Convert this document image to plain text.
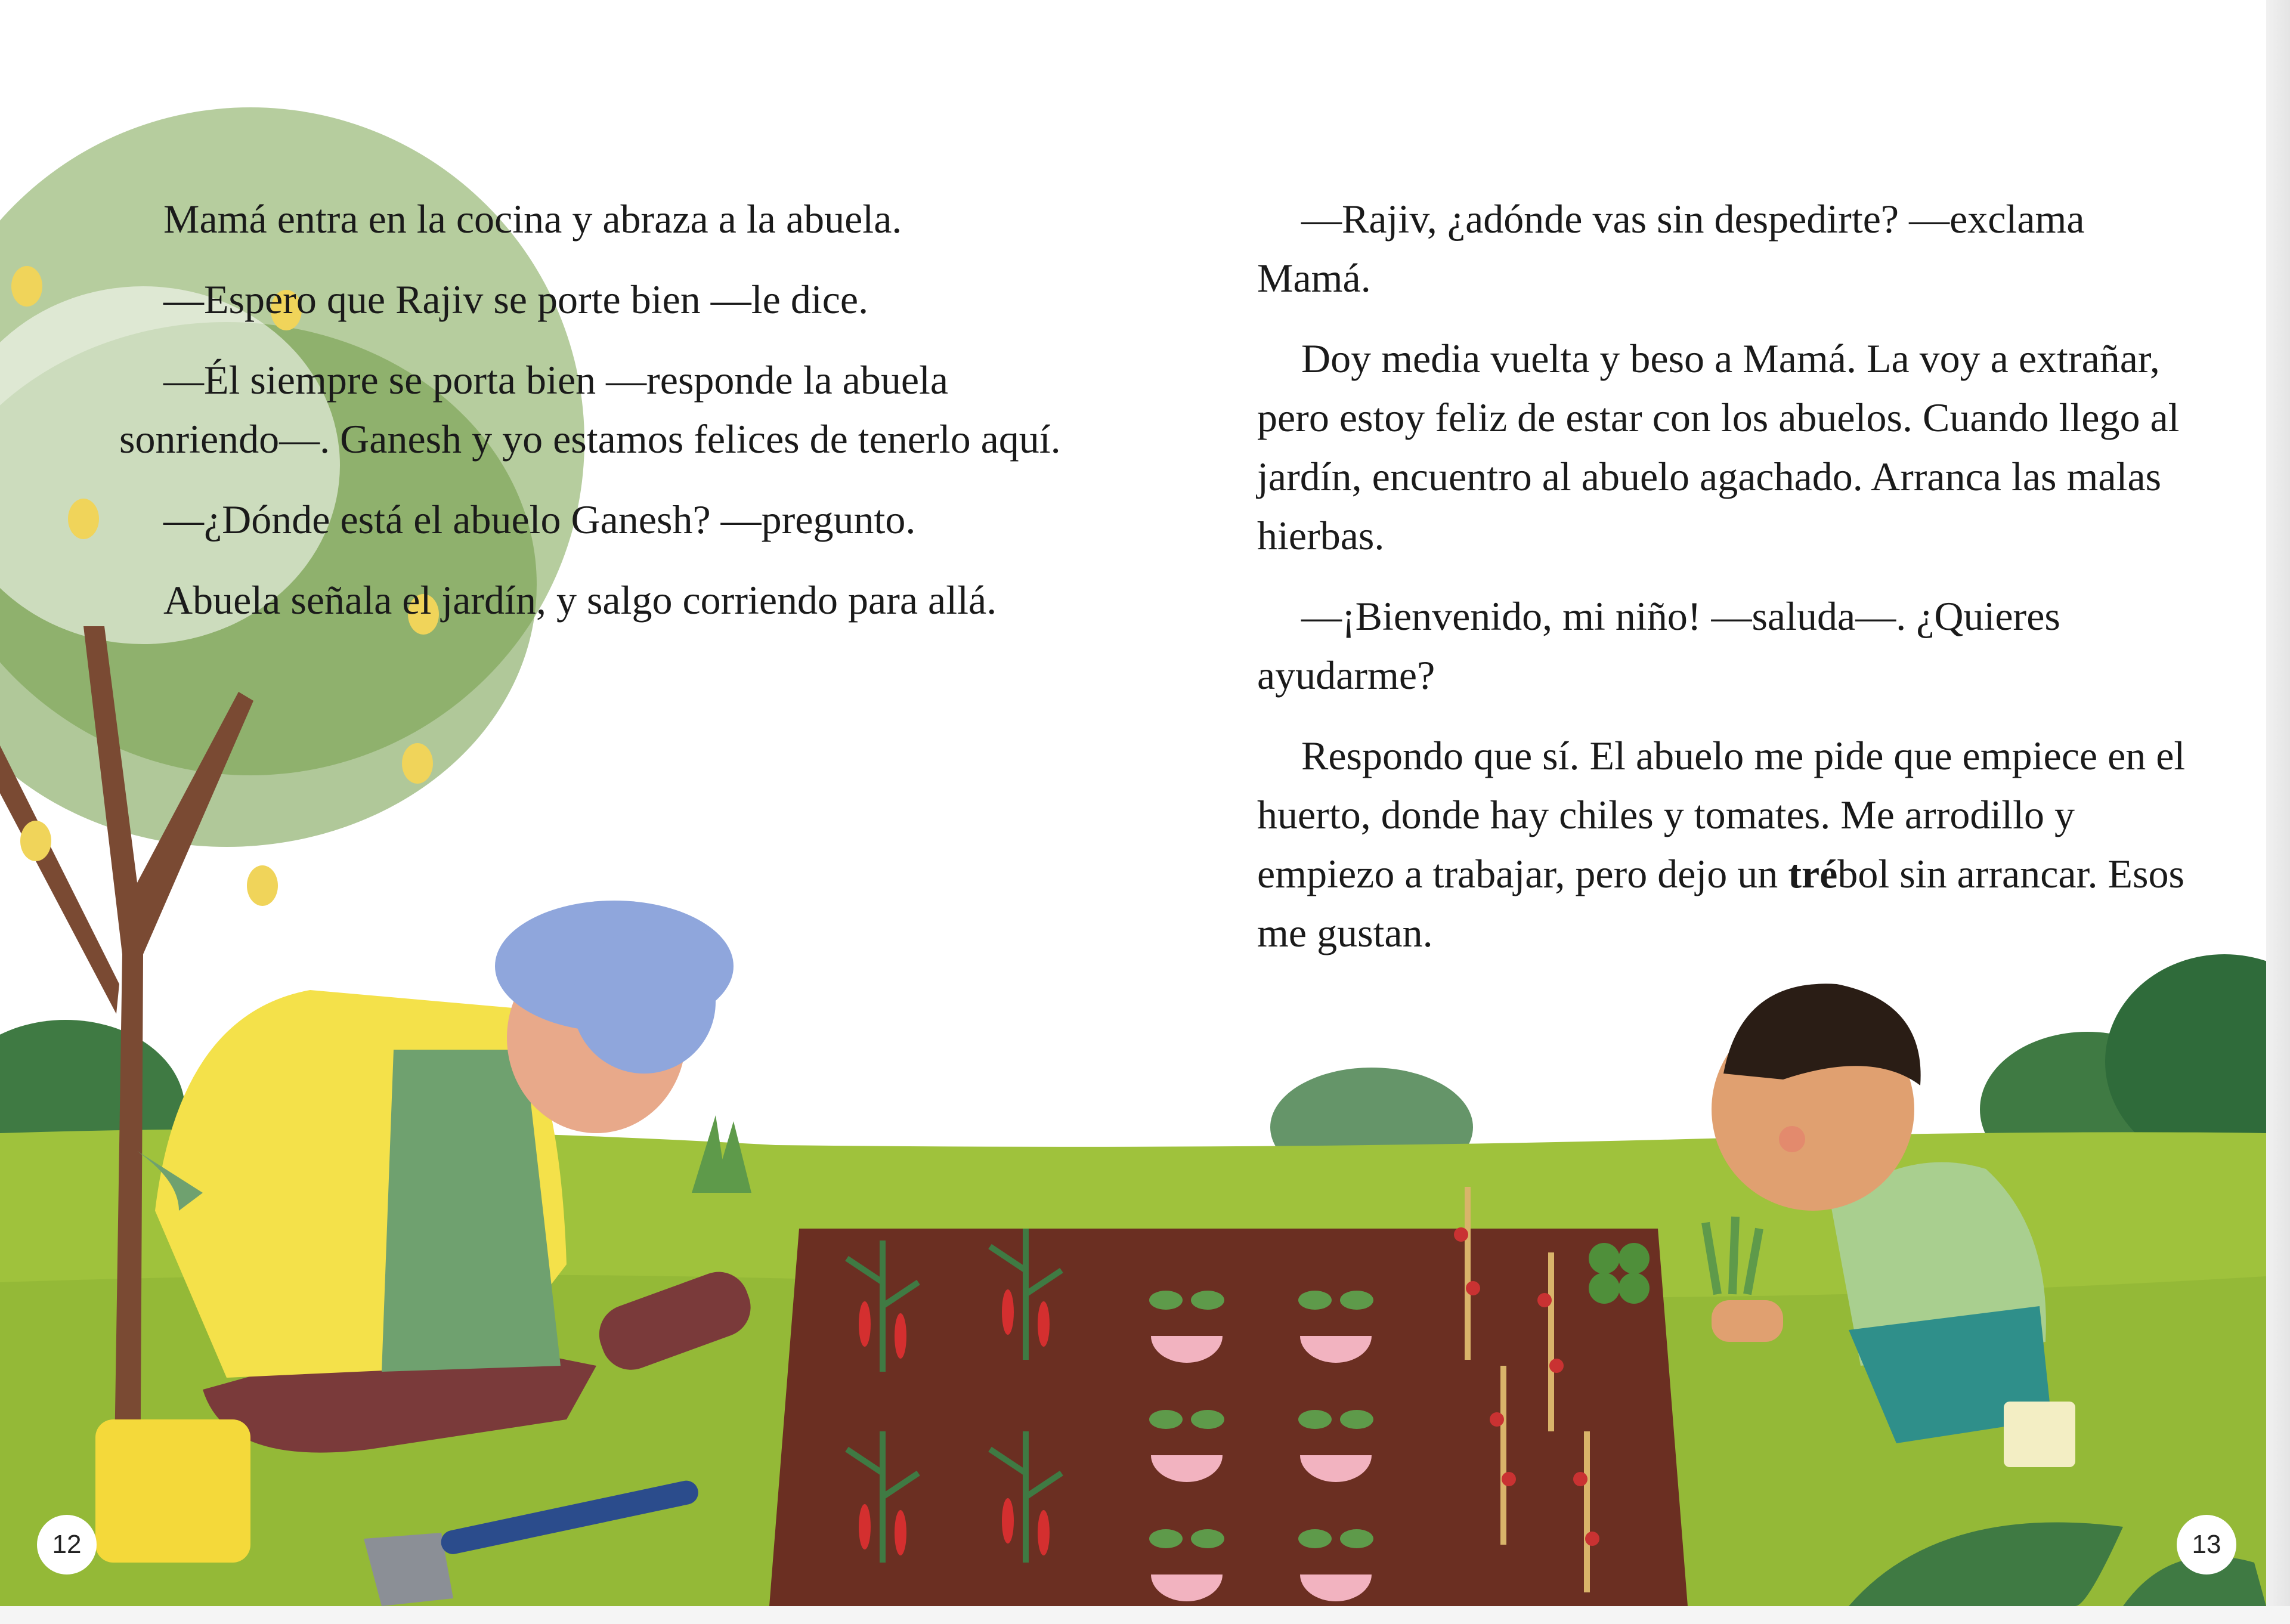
Mamá entra en la cocina y abraza a la abuela.

—Espero que Rajiv se porte bien —le dice.

—Él siempre se porta bien —responde la abuela sonriendo—. Ganesh y yo estamos felices de tenerlo aquí.

—¿Dónde está el abuelo Ganesh? —pregunto.

Abuela señala el jardín, y salgo corriendo para allá.

—Rajiv, ¿adónde vas sin despedirte? —exclama Mamá.

Doy media vuelta y beso a Mamá. La voy a extrañar, pero estoy feliz de estar con los abuelos. Cuando llego al jardín, encuentro al abuelo agachado. Arranca las malas hierbas.

—¡Bienvenido, mi niño! —saluda—. ¿Quieres ayudarme?

Respondo que sí. El abuelo me pide que empiece en el huerto, donde hay chiles y tomates. Me arrodillo y empiezo a trabajar, pero dejo un trébol sin arrancar. Esos me gustan.

12	13
